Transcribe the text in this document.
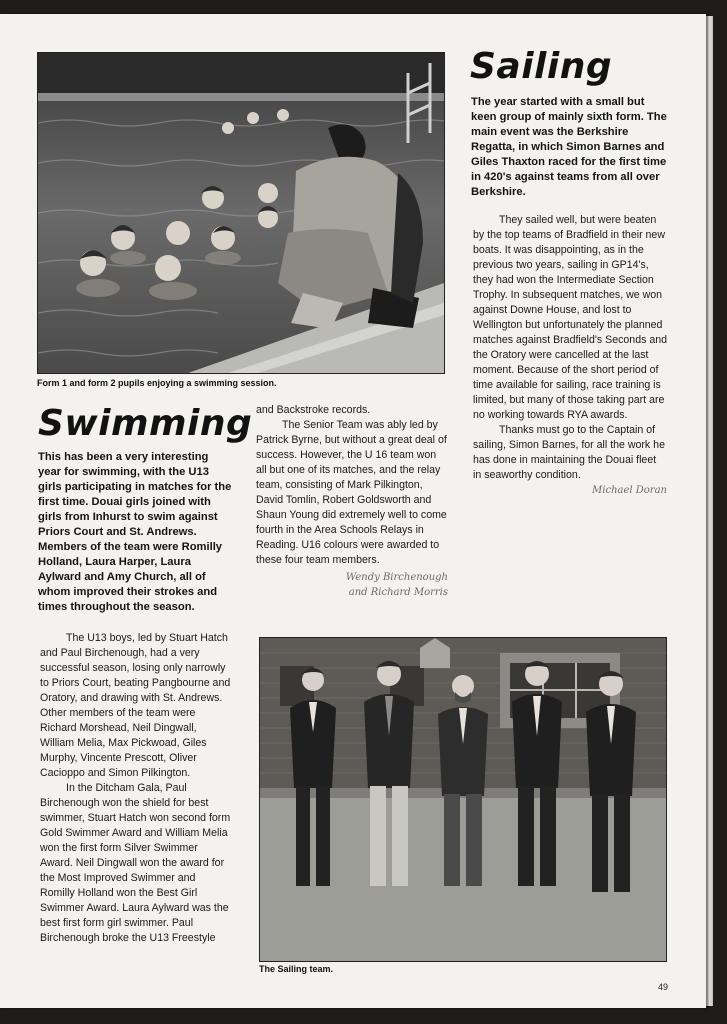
Form 1 and form 2 pupils enjoying a swimming session.
Sailing

The year started with a small but keen group of mainly sixth form. The main event was the Berkshire Regatta, in which Simon Barnes and Giles Thaxton raced for the first time in 420's against teams from all over Berkshire.

They sailed well, but were beaten by the top teams of Bradfield in their new boats. It was disappointing, as in the previous two years, sailing in GP14's, they had won the Intermediate Section Trophy. In subsequent matches, we won against Downe House, and lost to Wellington but unfortunately the planned matches against Bradfield's Seconds and the Oratory were cancelled at the last moment. Because of the short period of time available for sailing, race training is limited, but many of those taking part are no working towards RYA awards.

Thanks must go to the Captain of sailing, Simon Barnes, for all the work he has done in maintaining the Douai fleet in seaworthy condition.

Michael Doran

Swimming

This has been a very interesting year for swimming, with the U13 girls participating in matches for the first time. Douai girls joined with girls from Inhurst to swim against Priors Court and St. Andrews. Members of the team were Romilly Holland, Laura Harper, Laura Aylward and Amy Church, all of whom improved their strokes and times throughout the season.

The U13 boys, led by Stuart Hatch and Paul Birchenough, had a very successful season, losing only narrowly to Priors Court, beating Pangbourne and Oratory, and drawing with St. Andrews. Other members of the team were Richard Morshead, Neil Dingwall, William Melia, Max Pickwoad, Giles Murphy, Vincente Prescott, Oliver Cacioppo and Simon Pilkington.

In the Ditcham Gala, Paul Birchenough won the shield for best swimmer, Stuart Hatch won second form Gold Swimmer Award and William Melia won the first form Silver Swimmer Award. Neil Dingwall won the award for the Most Improved Swimmer and Romilly Holland won the Best Girl Swimmer Award. Laura Aylward was the best first form girl swimmer. Paul Birchenough broke the U13 Freestyle

and Backstroke records.

The Senior Team was ably led by Patrick Byrne, but without a great deal of success. However, the U 16 team won all but one of its matches, and the relay team, consisting of Mark Pilkington, David Tomlin, Robert Goldsworth and Shaun Young did extremely well to come fourth in the Area Schools Relays in Reading. U16 colours were awarded to these four team members.

Wendy Birchenough

and Richard Morris

The Sailing team.
49
